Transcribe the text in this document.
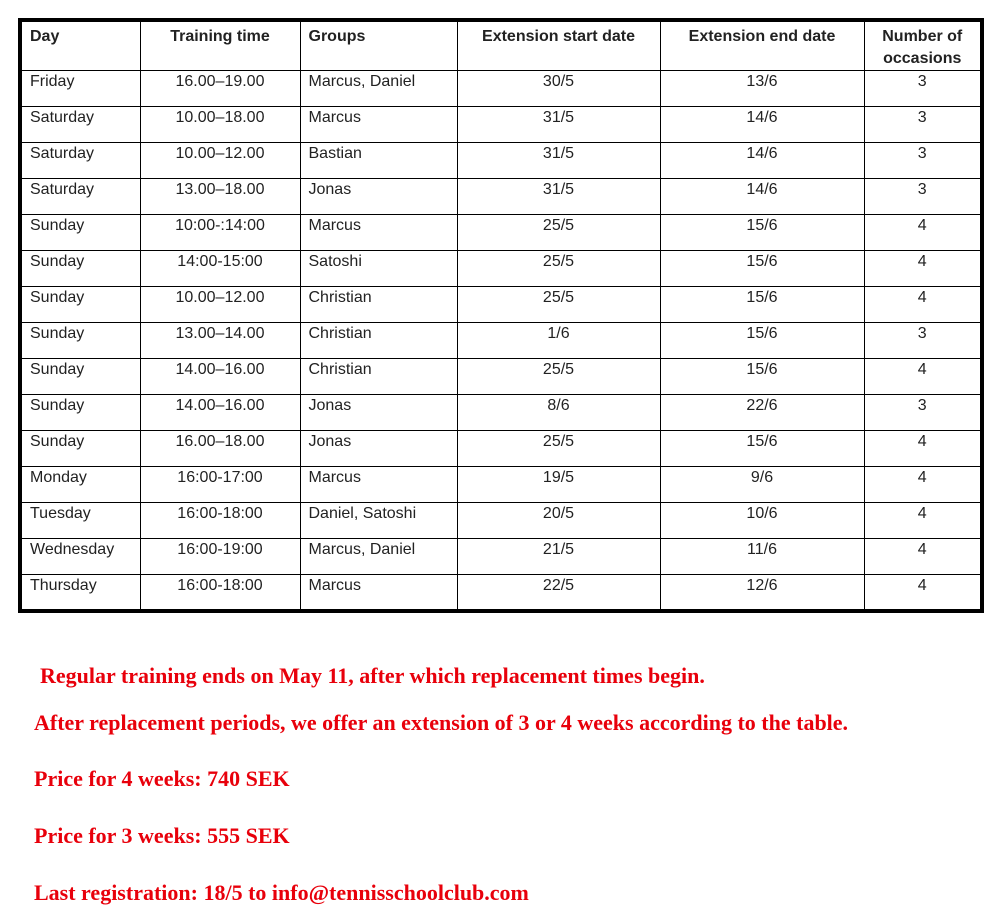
Day	Training time	Groups	Extension start date	Extension end date	Number of occasions
Friday	16.00–19.00	Marcus, Daniel	30/5	13/6	3
Saturday	10.00–18.00	Marcus	31/5	14/6	3
Saturday	10.00–12.00	Bastian	31/5	14/6	3
Saturday	13.00–18.00	Jonas	31/5	14/6	3
Sunday	10:00-:14:00	Marcus	25/5	15/6	4
Sunday	14:00-15:00	Satoshi	25/5	15/6	4
Sunday	10.00–12.00	Christian	25/5	15/6	4
Sunday	13.00–14.00	Christian	1/6	15/6	3
Sunday	14.00–16.00	Christian	25/5	15/6	4
Sunday	14.00–16.00	Jonas	8/6	22/6	3
Sunday	16.00–18.00	Jonas	25/5	15/6	4
Monday	16:00-17:00	Marcus	19/5	9/6	4
Tuesday	16:00-18:00	Daniel, Satoshi	20/5	10/6	4
Wednesday	16:00-19:00	Marcus, Daniel	21/5	11/6	4
Thursday	16:00-18:00	Marcus	22/5	12/6	4

Regular training ends on May 11, after which replacement times begin.

After replacement periods, we offer an extension of 3 or 4 weeks according to the table.

Price for 4 weeks: 740 SEK

Price for 3 weeks: 555 SEK

Last registration: 18/5 to info@tennisschoolclub.com
